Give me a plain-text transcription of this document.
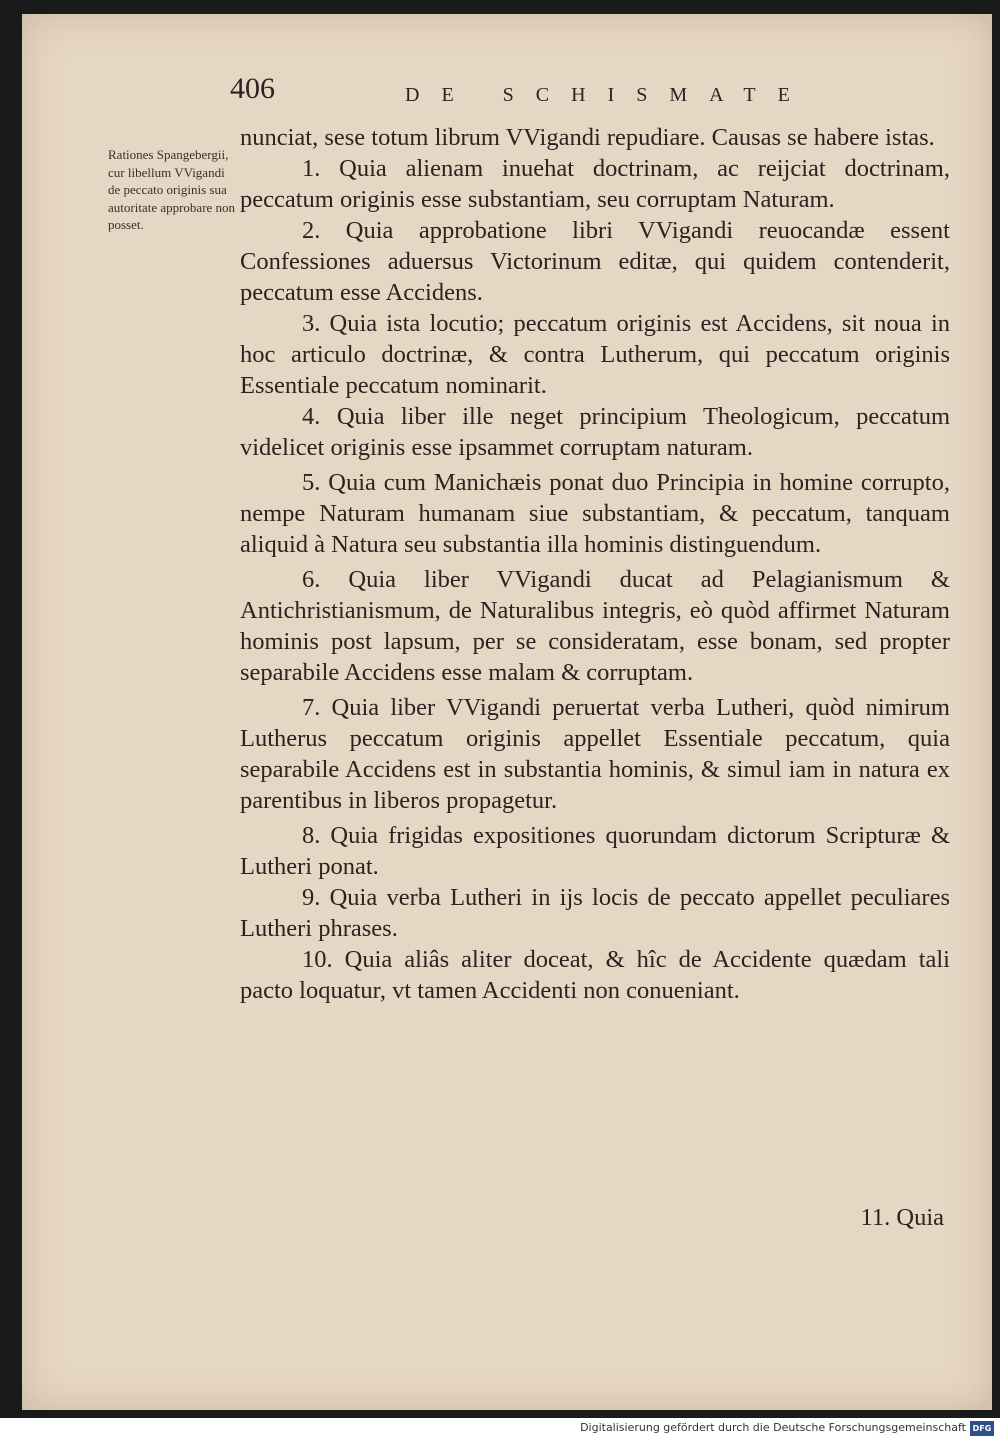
406	DE SCHISMATE
Rationes Spangebergii, cur libellum VVigandi de peccato originis sua autoritate approbare non posset.

nunciat, sese totum librum VVigandi repudiare. Causas se habere istas.

1. Quia alienam inuehat doctrinam, ac reijciat doctrinam, peccatum originis esse substantiam, seu corruptam Naturam.

2. Quia approbatione libri VVigandi reuocandæ essent Confessiones aduersus Victorinum editæ, qui quidem contenderit, peccatum esse Accidens.

3. Quia ista locutio; peccatum originis est Accidens, sit noua in hoc articulo doctrinæ, & contra Lutherum, qui peccatum originis Essentiale peccatum nominarit.

4. Quia liber ille neget principium Theologicum, peccatum videlicet originis esse ipsammet corruptam naturam.

5. Quia cum Manichæis ponat duo Principia in homine corrupto, nempe Naturam humanam siue substantiam, & peccatum, tanquam aliquid à Natura seu substantia illa hominis distinguendum.

6. Quia liber VVigandi ducat ad Pelagianismum & Antichristianismum, de Naturalibus integris, eò quòd affirmet Naturam hominis post lapsum, per se consideratam, esse bonam, sed propter separabile Accidens esse malam & corruptam.

7. Quia liber VVigandi peruertat verba Lutheri, quòd nimirum Lutherus peccatum originis appellet Essentiale peccatum, quia separabile Accidens est in substantia hominis, & simul iam in natura ex parentibus in liberos propagetur.

8. Quia frigidas expositiones quorundam dictorum Scripturæ & Lutheri ponat.

9. Quia verba Lutheri in ijs locis de peccato appellet peculiares Lutheri phrases.

10. Quia aliâs aliter doceat, & hîc de Accidente quædam tali pacto loquatur, vt tamen Accidenti non conueniant.

11. Quia
Digitalisierung gefördert durch die Deutsche Forschungsgemeinschaft DFG
